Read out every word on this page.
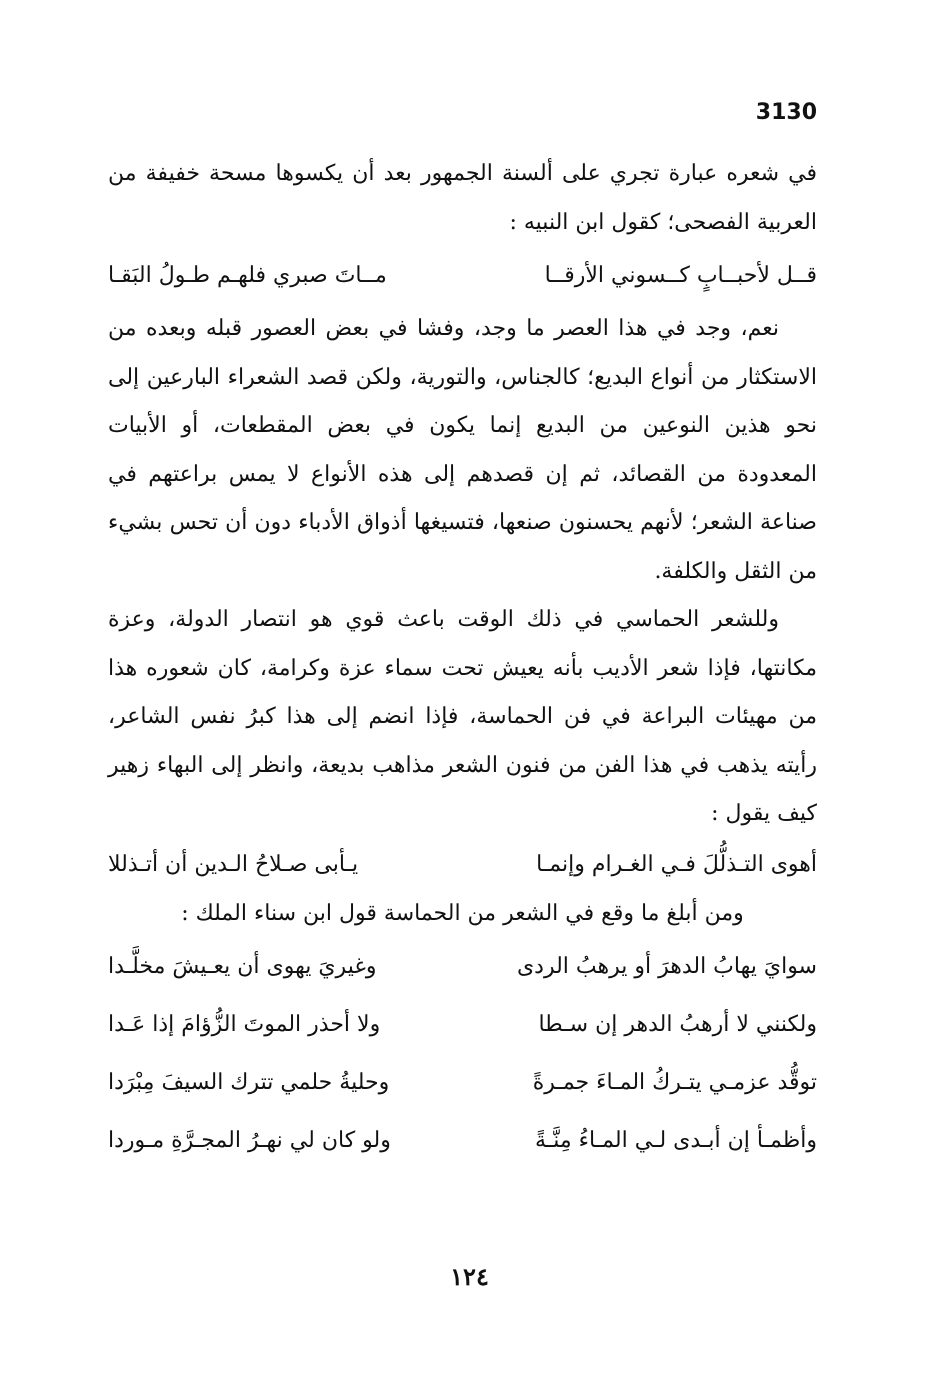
3130

في شعره عبارة تجري على ألسنة الجمهور بعد أن يكسوها مسحة خفيفة من العربية الفصحى؛ كقول ابن النبيه :

قــل لأحبــابٍ كــسوني الأرقــا
مــاتَ صبري فلهـم طـولُ البَقـا

نعم، وجد في هذا العصر ما وجد، وفشا في بعض العصور قبله وبعده من الاستكثار من أنواع البديع؛ كالجناس، والتورية، ولكن قصد الشعراء البارعين إلى نحو هذين النوعين من البديع إنما يكون في بعض المقطعات، أو الأبيات المعدودة من القصائد، ثم إن قصدهم إلى هذه الأنواع لا يمس براعتهم في صناعة الشعر؛ لأنهم يحسنون صنعها، فتسيغها أذواق الأدباء دون أن تحس بشيء من الثقل والكلفة.

وللشعر الحماسي في ذلك الوقت باعث قوي هو انتصار الدولة، وعزة مكانتها، فإذا شعر الأديب بأنه يعيش تحت سماء عزة وكرامة، كان شعوره هذا من مهيئات البراعة في فن الحماسة، فإذا انضم إلى هذا كبرُ نفس الشاعر، رأيته يذهب في هذا الفن من فنون الشعر مذاهب بديعة، وانظر إلى البهاء زهير كيف يقول :

أهوى التـذلُّلَ فـي الغـرام وإنمـا
يـأبى صـلاحُ الـدين أن أتـذللا

ومن أبلغ ما وقع في الشعر من الحماسة قول ابن سناء الملك :

سوايَ يهابُ الدهرَ أو يرهبُ الردى
وغيريَ يهوى أن يعـيشَ مخلَّـدا
ولكنني لا أرهبُ الدهر إن سـطا
ولا أحذر الموتَ الزُّؤامَ إذا عَـدا
توقُّد عزمـي يتـركُ المـاءَ جمـرةً
وحليةُ حلمي تترك السيفَ مِبْرَدا
وأظمـأ إن أبـدى لـي المـاءُ مِنَّـةً
ولو كان لي نهـرُ المجـرَّةِ مـوردا
١٢٤
